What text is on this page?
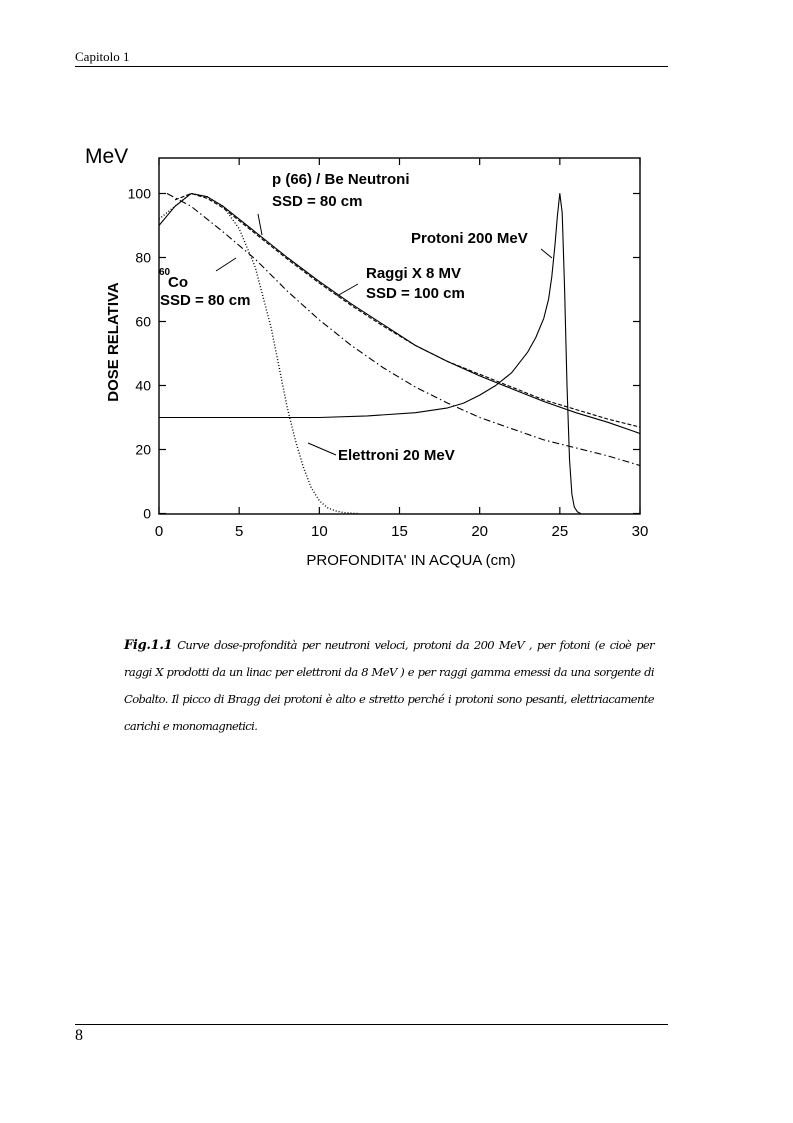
Capitolo 1
0	5	10	15	20	25	30
0
20
40
60
80
100
p (66) / Be Neutroni
SSD = 80 cm
Raggi X 8 MV
SSD = 100 cm
Co
SSD = 80 cm
60
Protoni 200 MeV
Elettroni 20 MeV
MeV
PROFONDITA' IN ACQUA (cm)
DOSE RELATIVA
Fig.1.1 Curve dose-profondità per neutroni veloci, protoni da 200 MeV , per fotoni (e cioè per raggi X prodotti da un linac per elettroni da 8 MeV ) e per raggi gamma emessi da una sorgente di Cobalto. Il picco di Bragg dei protoni è alto e stretto perché i protoni sono pesanti, elettriacamente carichi e monomagnetici.
8
